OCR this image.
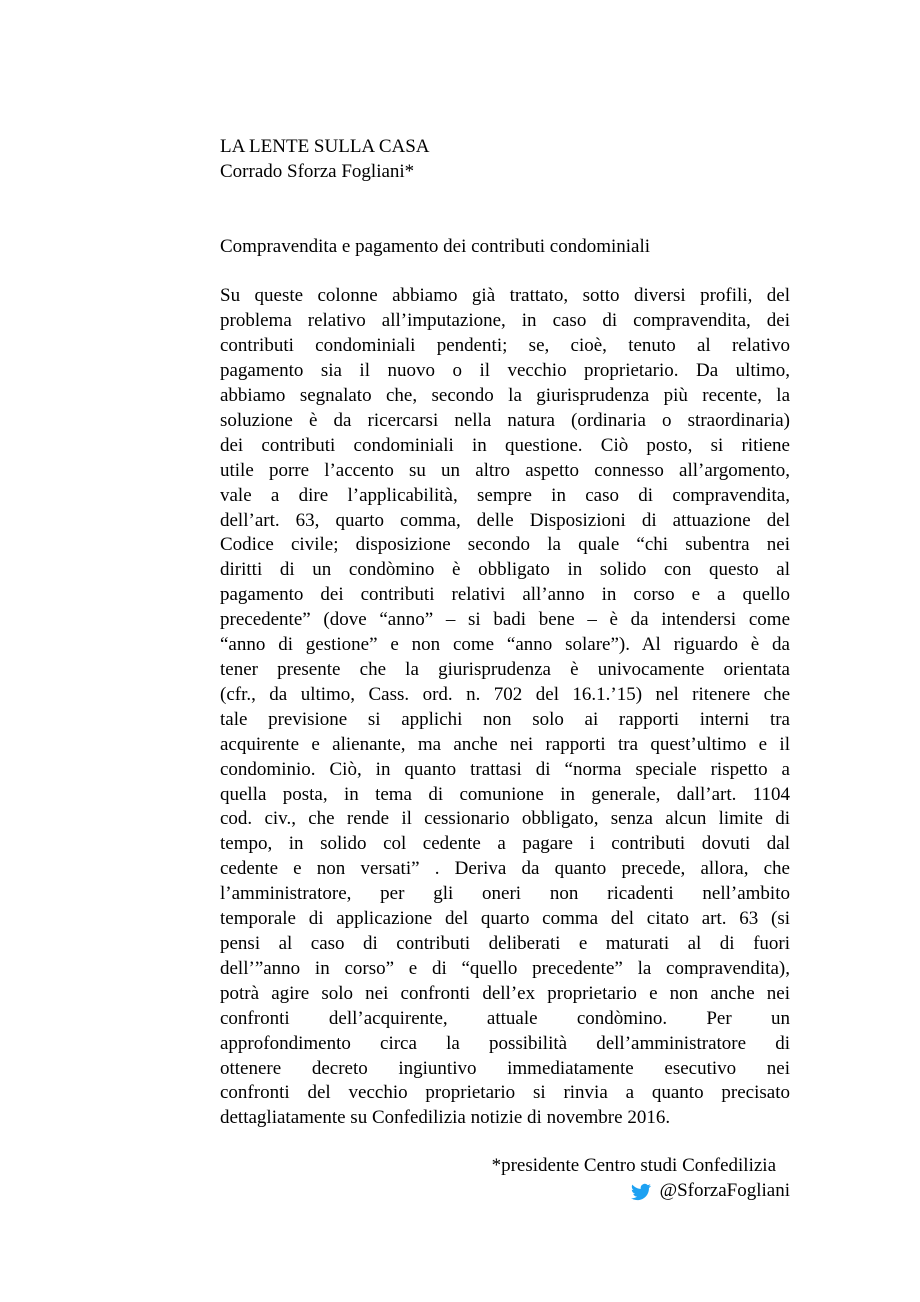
LA LENTE SULLA CASA
Corrado Sforza Fogliani*
Compravendita e pagamento dei contributi condominiali
Su queste colonne abbiamo già trattato, sotto diversi profili, del
problema relativo all’imputazione, in caso di compravendita, dei
contributi condominiali pendenti; se, cioè, tenuto al relativo
pagamento sia il nuovo o il vecchio proprietario. Da ultimo,
abbiamo segnalato che, secondo la giurisprudenza più recente, la
soluzione è da ricercarsi nella natura (ordinaria o straordinaria)
dei contributi condominiali in questione. Ciò posto, si ritiene
utile porre l’accento su un altro aspetto connesso all’argomento,
vale a dire l’applicabilità, sempre in caso di compravendita,
dell’art. 63, quarto comma, delle Disposizioni di attuazione del
Codice civile; disposizione secondo la quale “chi subentra nei
diritti di un condòmino è obbligato in solido con questo al
pagamento dei contributi relativi all’anno in corso e a quello
precedente” (dove “anno” – si badi bene – è da intendersi come
“anno di gestione” e non come “anno solare”). Al riguardo è da
tener presente che la giurisprudenza è univocamente orientata
(cfr., da ultimo, Cass. ord. n. 702 del 16.1.’15) nel ritenere che
tale previsione si applichi non solo ai rapporti interni tra
acquirente e alienante, ma anche nei rapporti tra quest’ultimo e il
condominio. Ciò, in quanto trattasi di “norma speciale rispetto a
quella posta, in tema di comunione in generale, dall’art. 1104
cod. civ., che rende il cessionario obbligato, senza alcun limite di
tempo, in solido col cedente a pagare i contributi dovuti dal
cedente e non versati” . Deriva da quanto precede, allora, che
l’amministratore, per gli oneri non ricadenti nell’ambito
temporale di applicazione del quarto comma del citato art. 63 (si
pensi al caso di contributi deliberati e maturati al di fuori
dell’”anno in corso” e di “quello precedente” la compravendita),
potrà agire solo nei confronti dell’ex proprietario e non anche nei
confronti dell’acquirente, attuale condòmino. Per un
approfondimento circa la possibilità dell’amministratore di
ottenere decreto ingiuntivo immediatamente esecutivo nei
confronti del vecchio proprietario si rinvia a quanto precisato
dettagliatamente su Confedilizia notizie di novembre 2016.
*presidente Centro studi Confedilizia
@SforzaFogliani
